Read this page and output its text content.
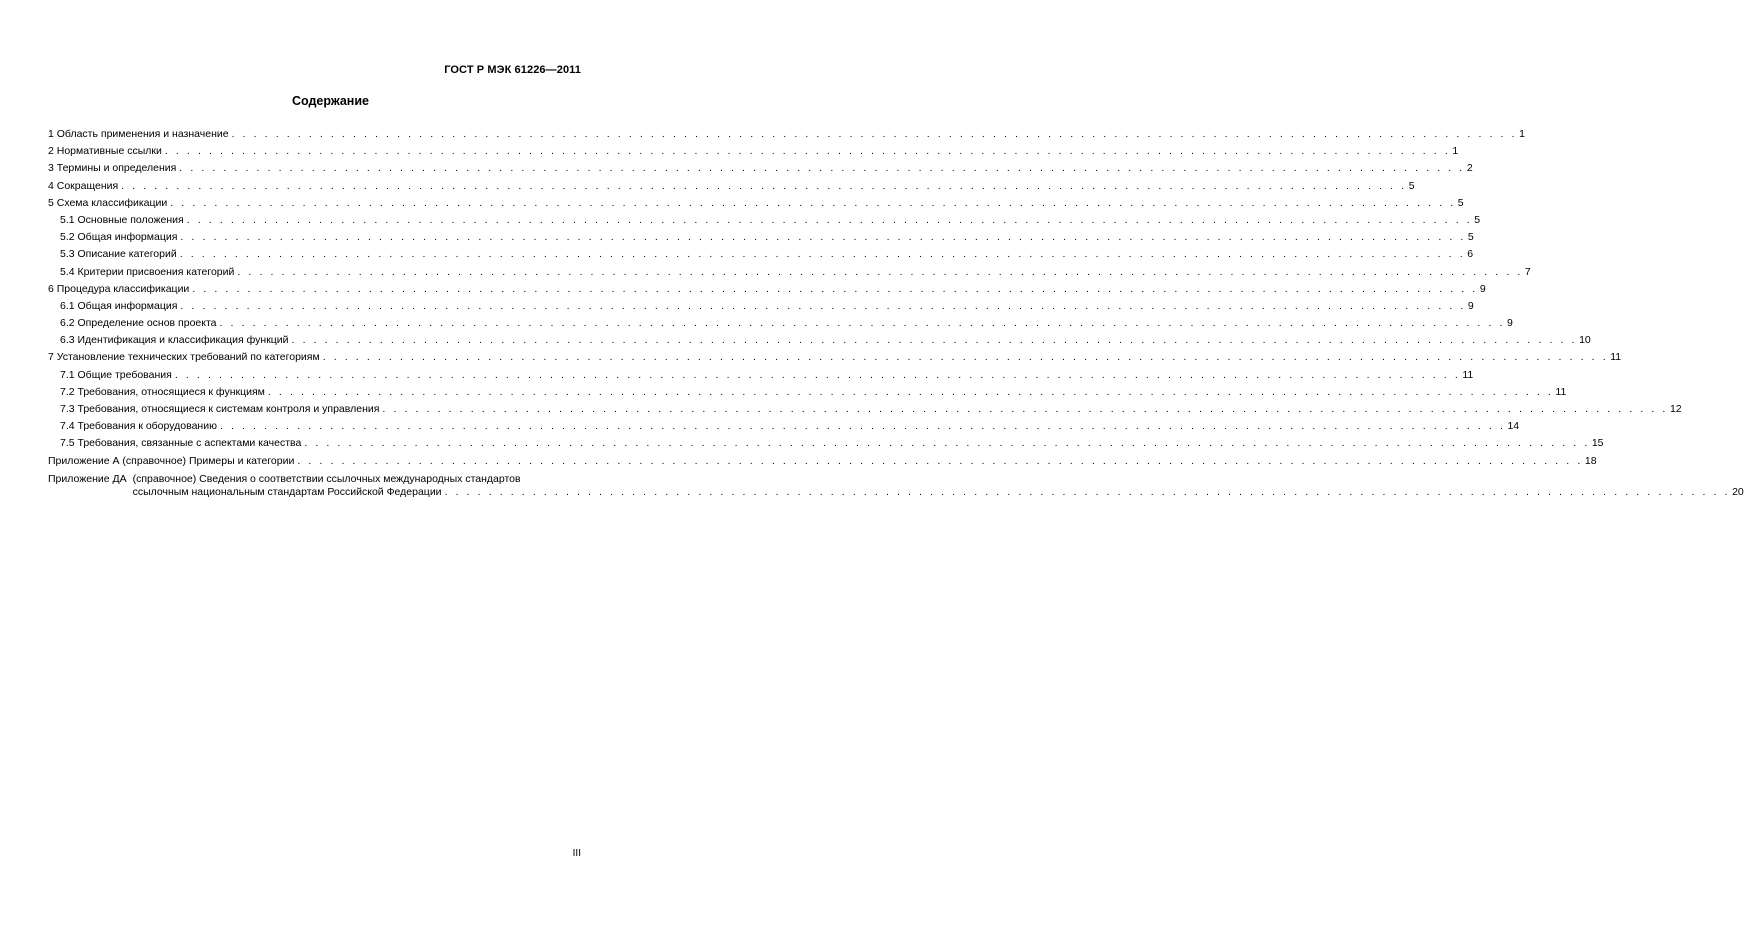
ГОСТ Р МЭК 61226—2011
Содержание
1 Область применения и назначение . . .	1
2 Нормативные ссылки . . .	1
3 Термины и определения . . .	2
4 Сокращения . . .	5
5 Схема классификации . . .	5
5.1 Основные положения . . .	5
5.2 Общая информация . . .	5
5.3 Описание категорий . . .	6
5.4 Критерии присвоения категорий . . .	7
6 Процедура классификации . . .	9
6.1 Общая информация . . .	9
6.2 Определение основ проекта . . .	9
6.3 Идентификация и классификация функций . . .	10
7 Установление технических требований по категориям . . .	11
7.1 Общие требования . . .	11
7.2 Требования, относящиеся к функциям . . .	11
7.3 Требования, относящиеся к системам контроля и управления . . .	12
7.4 Требования к оборудованию . . .	14
7.5 Требования, связанные с аспектами качества . . .	15
Приложение А (справочное) Примеры и категории . . .	18
Приложение ДА (справочное) Сведения о соответствии ссылочных международных стандартов
ссылочным национальным стандартам Российской Федерации . . .	20
III
